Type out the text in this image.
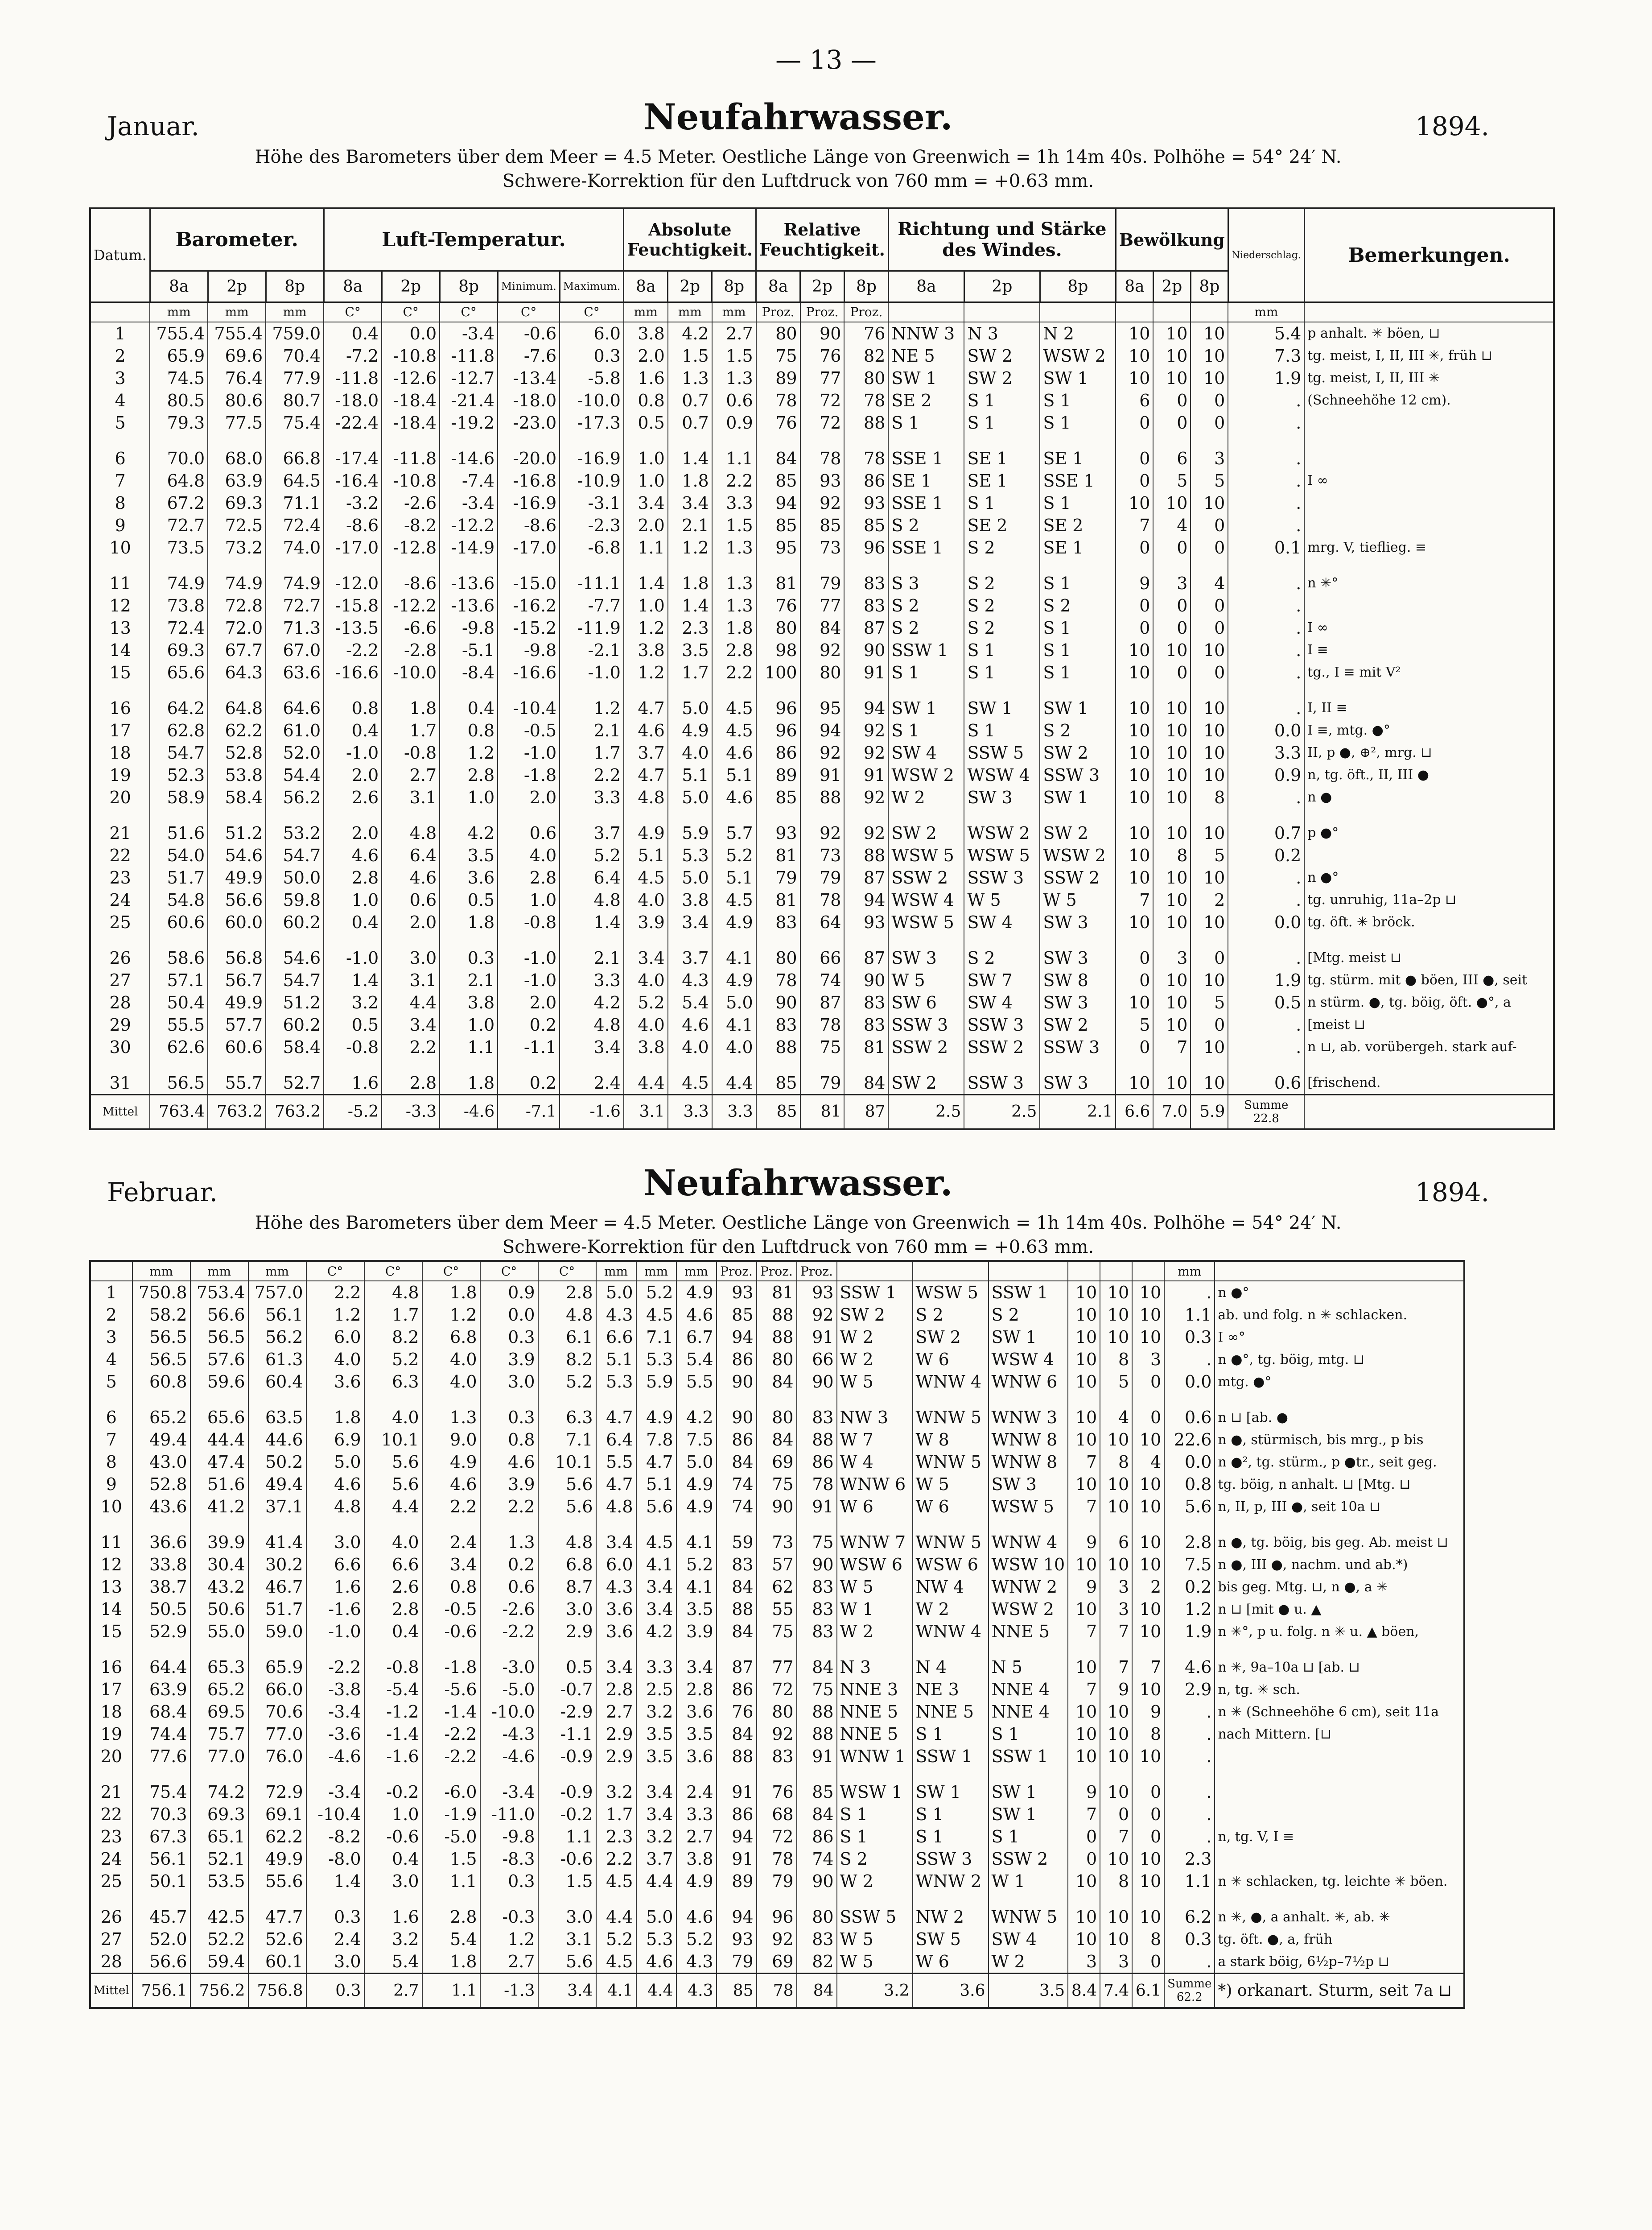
— 13 —
Januar.	Neufahrwasser.	1894.
Höhe des Barometers über dem Meer = 4.5 Meter. Oestliche Länge von Greenwich = 1h 14m 40s. Polhöhe = 54° 24′ N.
Schwere-Korrektion für den Luftdruck von 760 mm = +0.63 mm.
Datum.	Barometer.			Luft-Temperatur.					Absolute Feuchtigkeit.			Relative Feuchtigkeit.			Richtung und Stärke des Windes.			Bewölkung			Niederschlag.	Bemerkungen.
	8a	2p	8p	8a	2p	8p	Minimum.	Maximum.	8a	2p	8p	8a	2p	8p	8a	2p	8p	8a	2p	8p		
	mm	mm	mm	C°	C°	C°	C°	C°	mm	mm	mm	Proz.	Proz.	Proz.							mm	
1	755.4	755.4	759.0	0.4	0.0	-3.4	-0.6	6.0	3.8	4.2	2.7	80	90	76	NNW 3	N 3	N 2	10	10	10	5.4	p anhalt. ✳ böen, ⊔
2	65.9	69.6	70.4	-7.2	-10.8	-11.8	-7.6	0.3	2.0	1.5	1.5	75	76	82	NE 5	SW 2	WSW 2	10	10	10	7.3	tg. meist, I, II, III ✳, früh ⊔
3	74.5	76.4	77.9	-11.8	-12.6	-12.7	-13.4	-5.8	1.6	1.3	1.3	89	77	80	SW 1	SW 2	SW 1	10	10	10	1.9	tg. meist, I, II, III ✳
4	80.5	80.6	80.7	-18.0	-18.4	-21.4	-18.0	-10.0	0.8	0.7	0.6	78	72	78	SE 2	S 1	S 1	6	0	0	.	(Schneehöhe 12 cm).
5	79.3	77.5	75.4	-22.4	-18.4	-19.2	-23.0	-17.3	0.5	0.7	0.9	76	72	88	S 1	S 1	S 1	0	0	0	.	

6	70.0	68.0	66.8	-17.4	-11.8	-14.6	-20.0	-16.9	1.0	1.4	1.1	84	78	78	SSE 1	SE 1	SE 1	0	6	3	.	
7	64.8	63.9	64.5	-16.4	-10.8	-7.4	-16.8	-10.9	1.0	1.8	2.2	85	93	86	SE 1	SE 1	SSE 1	0	5	5	.	I ∞
8	67.2	69.3	71.1	-3.2	-2.6	-3.4	-16.9	-3.1	3.4	3.4	3.3	94	92	93	SSE 1	S 1	S 1	10	10	10	.	
9	72.7	72.5	72.4	-8.6	-8.2	-12.2	-8.6	-2.3	2.0	2.1	1.5	85	85	85	S 2	SE 2	SE 2	7	4	0	.	
10	73.5	73.2	74.0	-17.0	-12.8	-14.9	-17.0	-6.8	1.1	1.2	1.3	95	73	96	SSE 1	S 2	SE 1	0	0	0	0.1	mrg. V, tieflieg. ≡

11	74.9	74.9	74.9	-12.0	-8.6	-13.6	-15.0	-11.1	1.4	1.8	1.3	81	79	83	S 3	S 2	S 1	9	3	4	.	n ✳°
12	73.8	72.8	72.7	-15.8	-12.2	-13.6	-16.2	-7.7	1.0	1.4	1.3	76	77	83	S 2	S 2	S 2	0	0	0	.	
13	72.4	72.0	71.3	-13.5	-6.6	-9.8	-15.2	-11.9	1.2	2.3	1.8	80	84	87	S 2	S 2	S 1	0	0	0	.	I ∞
14	69.3	67.7	67.0	-2.2	-2.8	-5.1	-9.8	-2.1	3.8	3.5	2.8	98	92	90	SSW 1	S 1	S 1	10	10	10	.	I ≡
15	65.6	64.3	63.6	-16.6	-10.0	-8.4	-16.6	-1.0	1.2	1.7	2.2	100	80	91	S 1	S 1	S 1	10	0	0	.	tg., I ≡ mit V²

16	64.2	64.8	64.6	0.8	1.8	0.4	-10.4	1.2	4.7	5.0	4.5	96	95	94	SW 1	SW 1	SW 1	10	10	10	.	I, II ≡
17	62.8	62.2	61.0	0.4	1.7	0.8	-0.5	2.1	4.6	4.9	4.5	96	94	92	S 1	S 1	S 2	10	10	10	0.0	I ≡, mtg. ●°
18	54.7	52.8	52.0	-1.0	-0.8	1.2	-1.0	1.7	3.7	4.0	4.6	86	92	92	SW 4	SSW 5	SW 2	10	10	10	3.3	II, p ●, ⊕², mrg. ⊔
19	52.3	53.8	54.4	2.0	2.7	2.8	-1.8	2.2	4.7	5.1	5.1	89	91	91	WSW 2	WSW 4	SSW 3	10	10	10	0.9	n, tg. öft., II, III ●
20	58.9	58.4	56.2	2.6	3.1	1.0	2.0	3.3	4.8	5.0	4.6	85	88	92	W 2	SW 3	SW 1	10	10	8	.	n ●

21	51.6	51.2	53.2	2.0	4.8	4.2	0.6	3.7	4.9	5.9	5.7	93	92	92	SW 2	WSW 2	SW 2	10	10	10	0.7	p ●°
22	54.0	54.6	54.7	4.6	6.4	3.5	4.0	5.2	5.1	5.3	5.2	81	73	88	WSW 5	WSW 5	WSW 2	10	8	5	0.2	
23	51.7	49.9	50.0	2.8	4.6	3.6	2.8	6.4	4.5	5.0	5.1	79	79	87	SSW 2	SSW 3	SSW 2	10	10	10	.	n ●°
24	54.8	56.6	59.8	1.0	0.6	0.5	1.0	4.8	4.0	3.8	4.5	81	78	94	WSW 4	W 5	W 5	7	10	2	.	tg. unruhig, 11a–2p ⊔
25	60.6	60.0	60.2	0.4	2.0	1.8	-0.8	1.4	3.9	3.4	4.9	83	64	93	WSW 5	SW 4	SW 3	10	10	10	0.0	tg. öft. ✳ bröck.

26	58.6	56.8	54.6	-1.0	3.0	0.3	-1.0	2.1	3.4	3.7	4.1	80	66	87	SW 3	S 2	SW 3	0	3	0	.	[Mtg. meist ⊔
27	57.1	56.7	54.7	1.4	3.1	2.1	-1.0	3.3	4.0	4.3	4.9	78	74	90	W 5	SW 7	SW 8	0	10	10	1.9	tg. stürm. mit ● böen, III ●, seit
28	50.4	49.9	51.2	3.2	4.4	3.8	2.0	4.2	5.2	5.4	5.0	90	87	83	SW 6	SW 4	SW 3	10	10	5	0.5	n stürm. ●, tg. böig, öft. ●°, a
29	55.5	57.7	60.2	0.5	3.4	1.0	0.2	4.8	4.0	4.6	4.1	83	78	83	SSW 3	SSW 3	SW 2	5	10	0	.	[meist ⊔
30	62.6	60.6	58.4	-0.8	2.2	1.1	-1.1	3.4	3.8	4.0	4.0	88	75	81	SSW 2	SSW 2	SSW 3	0	7	10	.	n ⊔, ab. vorübergeh. stark auf-

31	56.5	55.7	52.7	1.6	2.8	1.8	0.2	2.4	4.4	4.5	4.4	85	79	84	SW 2	SSW 3	SW 3	10	10	10	0.6	[frischend.
Mittel	763.4	763.2	763.2	-5.2	-3.3	-4.6	-7.1	-1.6	3.1	3.3	3.3	85	81	87	2.5	2.5	2.1	6.6	7.0	5.9	Summe 22.8	
Februar.	Neufahrwasser.	1894.
Höhe des Barometers über dem Meer = 4.5 Meter. Oestliche Länge von Greenwich = 1h 14m 40s. Polhöhe = 54° 24′ N.
Schwere-Korrektion für den Luftdruck von 760 mm = +0.63 mm.
	mm	mm	mm	C°	C°	C°	C°	C°	mm	mm	mm	Proz.	Proz.	Proz.							mm	
1	750.8	753.4	757.0	2.2	4.8	1.8	0.9	2.8	5.0	5.2	4.9	93	81	93	SSW 1	WSW 5	SSW 1	10	10	10	.	n ●°
2	58.2	56.6	56.1	1.2	1.7	1.2	0.0	4.8	4.3	4.5	4.6	85	88	92	SW 2	S 2	S 2	10	10	10	1.1	ab. und folg. n ✳ schlacken.
3	56.5	56.5	56.2	6.0	8.2	6.8	0.3	6.1	6.6	7.1	6.7	94	88	91	W 2	SW 2	SW 1	10	10	10	0.3	I ∞°
4	56.5	57.6	61.3	4.0	5.2	4.0	3.9	8.2	5.1	5.3	5.4	86	80	66	W 2	W 6	WSW 4	10	8	3	.	n ●°, tg. böig, mtg. ⊔
5	60.8	59.6	60.4	3.6	6.3	4.0	3.0	5.2	5.3	5.9	5.5	90	84	90	W 5	WNW 4	WNW 6	10	5	0	0.0	mtg. ●°

6	65.2	65.6	63.5	1.8	4.0	1.3	0.3	6.3	4.7	4.9	4.2	90	80	83	NW 3	WNW 5	WNW 3	10	4	0	0.6	n ⊔ [ab. ●
7	49.4	44.4	44.6	6.9	10.1	9.0	0.8	7.1	6.4	7.8	7.5	86	84	88	W 7	W 8	WNW 8	10	10	10	22.6	n ●, stürmisch, bis mrg., p bis
8	43.0	47.4	50.2	5.0	5.6	4.9	4.6	10.1	5.5	4.7	5.0	84	69	86	W 4	WNW 5	WNW 8	7	8	4	0.0	n ●², tg. stürm., p ●tr., seit geg.
9	52.8	51.6	49.4	4.6	5.6	4.6	3.9	5.6	4.7	5.1	4.9	74	75	78	WNW 6	W 5	SW 3	10	10	10	0.8	tg. böig, n anhalt. ⊔ [Mtg. ⊔
10	43.6	41.2	37.1	4.8	4.4	2.2	2.2	5.6	4.8	5.6	4.9	74	90	91	W 6	W 6	WSW 5	7	10	10	5.6	n, II, p, III ●, seit 10a ⊔

11	36.6	39.9	41.4	3.0	4.0	2.4	1.3	4.8	3.4	4.5	4.1	59	73	75	WNW 7	WNW 5	WNW 4	9	6	10	2.8	n ●, tg. böig, bis geg. Ab. meist ⊔
12	33.8	30.4	30.2	6.6	6.6	3.4	0.2	6.8	6.0	4.1	5.2	83	57	90	WSW 6	WSW 6	WSW 10	10	10	10	7.5	n ●, III ●, nachm. und ab.*)
13	38.7	43.2	46.7	1.6	2.6	0.8	0.6	8.7	4.3	3.4	4.1	84	62	83	W 5	NW 4	WNW 2	9	3	2	0.2	bis geg. Mtg. ⊔, n ●, a ✳
14	50.5	50.6	51.7	-1.6	2.8	-0.5	-2.6	3.0	3.6	3.4	3.5	88	55	83	W 1	W 2	WSW 2	10	3	10	1.2	n ⊔ [mit ● u. ▲
15	52.9	55.0	59.0	-1.0	0.4	-0.6	-2.2	2.9	3.6	4.2	3.9	84	75	83	W 2	WNW 4	NNE 5	7	7	10	1.9	n ✳°, p u. folg. n ✳ u. ▲ böen,

16	64.4	65.3	65.9	-2.2	-0.8	-1.8	-3.0	0.5	3.4	3.3	3.4	87	77	84	N 3	N 4	N 5	10	7	7	4.6	n ✳, 9a–10a ⊔ [ab. ⊔
17	63.9	65.2	66.0	-3.8	-5.4	-5.6	-5.0	-0.7	2.8	2.5	2.8	86	72	75	NNE 3	NE 3	NNE 4	7	9	10	2.9	n, tg. ✳ sch.
18	68.4	69.5	70.6	-3.4	-1.2	-1.4	-10.0	-2.9	2.7	3.2	3.6	76	80	88	NNE 5	NNE 5	NNE 4	10	10	9	.	n ✳ (Schneehöhe 6 cm), seit 11a
19	74.4	75.7	77.0	-3.6	-1.4	-2.2	-4.3	-1.1	2.9	3.5	3.5	84	92	88	NNE 5	S 1	S 1	10	10	8	.	nach Mittern. [⊔
20	77.6	77.0	76.0	-4.6	-1.6	-2.2	-4.6	-0.9	2.9	3.5	3.6	88	83	91	WNW 1	SSW 1	SSW 1	10	10	10	.	

21	75.4	74.2	72.9	-3.4	-0.2	-6.0	-3.4	-0.9	3.2	3.4	2.4	91	76	85	WSW 1	SW 1	SW 1	9	10	0	.	
22	70.3	69.3	69.1	-10.4	1.0	-1.9	-11.0	-0.2	1.7	3.4	3.3	86	68	84	S 1	S 1	SW 1	7	0	0	.	
23	67.3	65.1	62.2	-8.2	-0.6	-5.0	-9.8	1.1	2.3	3.2	2.7	94	72	86	S 1	S 1	S 1	0	7	0	.	n, tg. V, I ≡
24	56.1	52.1	49.9	-8.0	0.4	1.5	-8.3	-0.6	2.2	3.7	3.8	91	78	74	S 2	SSW 3	SSW 2	0	10	10	2.3	
25	50.1	53.5	55.6	1.4	3.0	1.1	0.3	1.5	4.5	4.4	4.9	89	79	90	W 2	WNW 2	W 1	10	8	10	1.1	n ✳ schlacken, tg. leichte ✳ böen.

26	45.7	42.5	47.7	0.3	1.6	2.8	-0.3	3.0	4.4	5.0	4.6	94	96	80	SSW 5	NW 2	WNW 5	10	10	10	6.2	n ✳, ●, a anhalt. ✳, ab. ✳
27	52.0	52.2	52.6	2.4	3.2	5.4	1.2	3.1	5.2	5.3	5.2	93	92	83	W 5	SW 5	SW 4	10	10	8	0.3	tg. öft. ●, a, früh
28	56.6	59.4	60.1	3.0	5.4	1.8	2.7	5.6	4.5	4.6	4.3	79	69	82	W 5	W 6	W 2	3	3	0	.	a stark böig, 6½p–7½p ⊔
Mittel	756.1	756.2	756.8	0.3	2.7	1.1	-1.3	3.4	4.1	4.4	4.3	85	78	84	3.2	3.6	3.5	8.4	7.4	6.1	Summe 62.2	*) orkanart. Sturm, seit 7a ⊔
